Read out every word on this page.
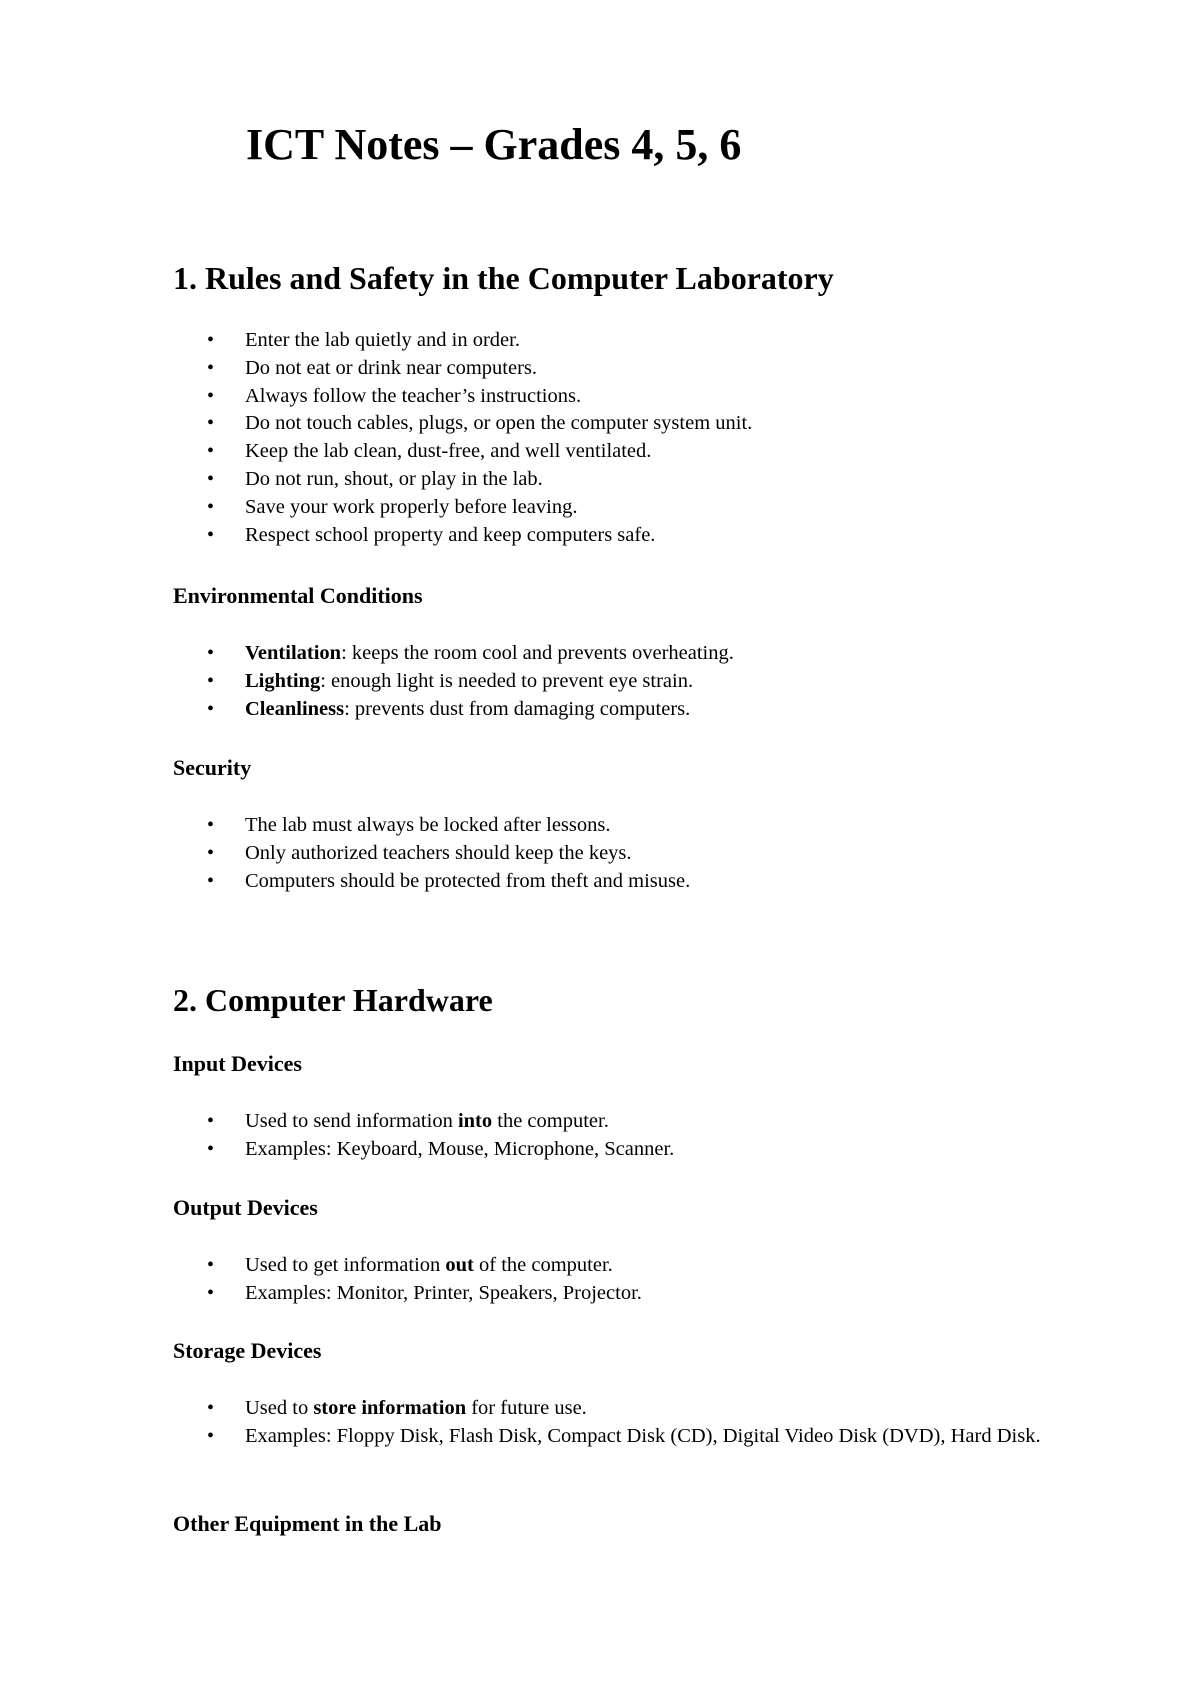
ICT Notes – Grades 4, 5, 6
1. Rules and Safety in the Computer Laboratory
• Enter the lab quietly and in order.
• Do not eat or drink near computers.
• Always follow the teacher’s instructions.
• Do not touch cables, plugs, or open the computer system unit.
• Keep the lab clean, dust-free, and well ventilated.
• Do not run, shout, or play in the lab.
• Save your work properly before leaving.
• Respect school property and keep computers safe.
Environmental Conditions
• Ventilation: keeps the room cool and prevents overheating.
• Lighting: enough light is needed to prevent eye strain.
• Cleanliness: prevents dust from damaging computers.
Security
• The lab must always be locked after lessons.
• Only authorized teachers should keep the keys.
• Computers should be protected from theft and misuse.
2. Computer Hardware
Input Devices
• Used to send information into the computer.
• Examples: Keyboard, Mouse, Microphone, Scanner.
Output Devices
• Used to get information out of the computer.
• Examples: Monitor, Printer, Speakers, Projector.
Storage Devices
• Used to store information for future use.
• Examples: Floppy Disk, Flash Disk, Compact Disk (CD), Digital Video Disk (DVD), Hard Disk.
Other Equipment in the Lab
